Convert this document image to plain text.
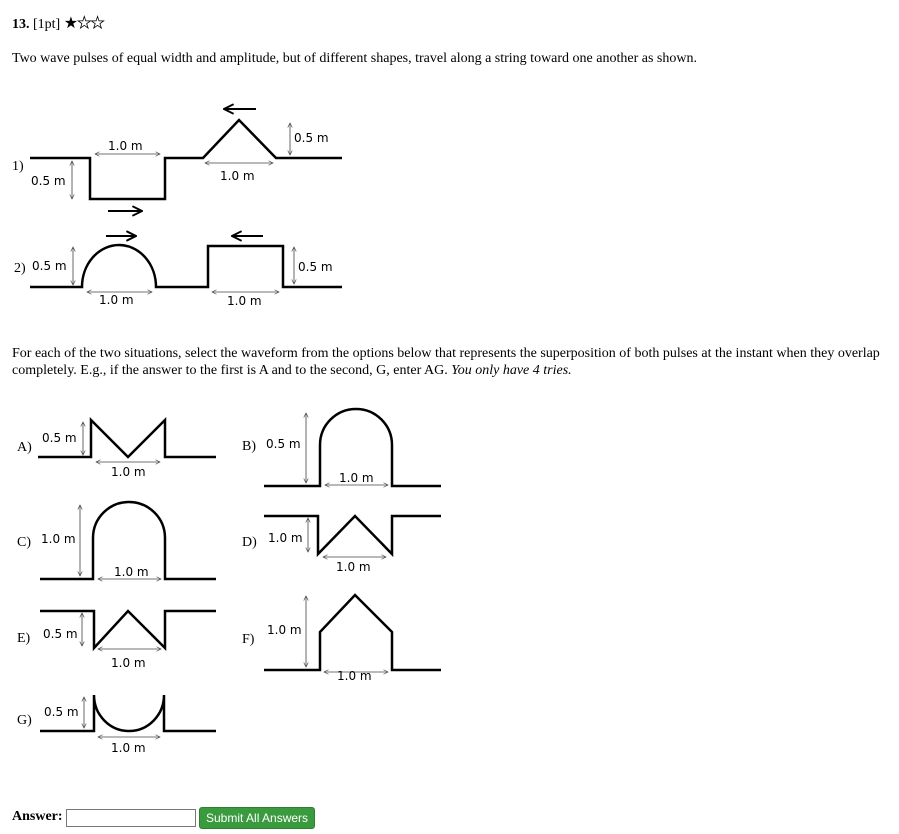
13. [1pt] ★★★
Two wave pulses of equal width and amplitude, but of different shapes, travel along a string toward one another as shown.
1)
0.5 m
1.0 m
1.0 m
0.5 m
2) 0.5 m
1.0 m	1.0 m
0.5 m
For each of the two situations, select the waveform from the options below that represents the superposition of both pulses at the instant when they overlap completely. E.g., if the answer to the first is A and to the second, G, enter AG. You only have 4 tries.
A)
0.5 m
1.0 m
B) 0.5 m
1.0 m
C) 1.0 m
1.0 m
D) 1.0 m
1.0 m
E) 0.5 m
1.0 m
F)
1.0 m
1.0 m
G)
0.5 m
1.0 m
Answer:	Submit All Answers
